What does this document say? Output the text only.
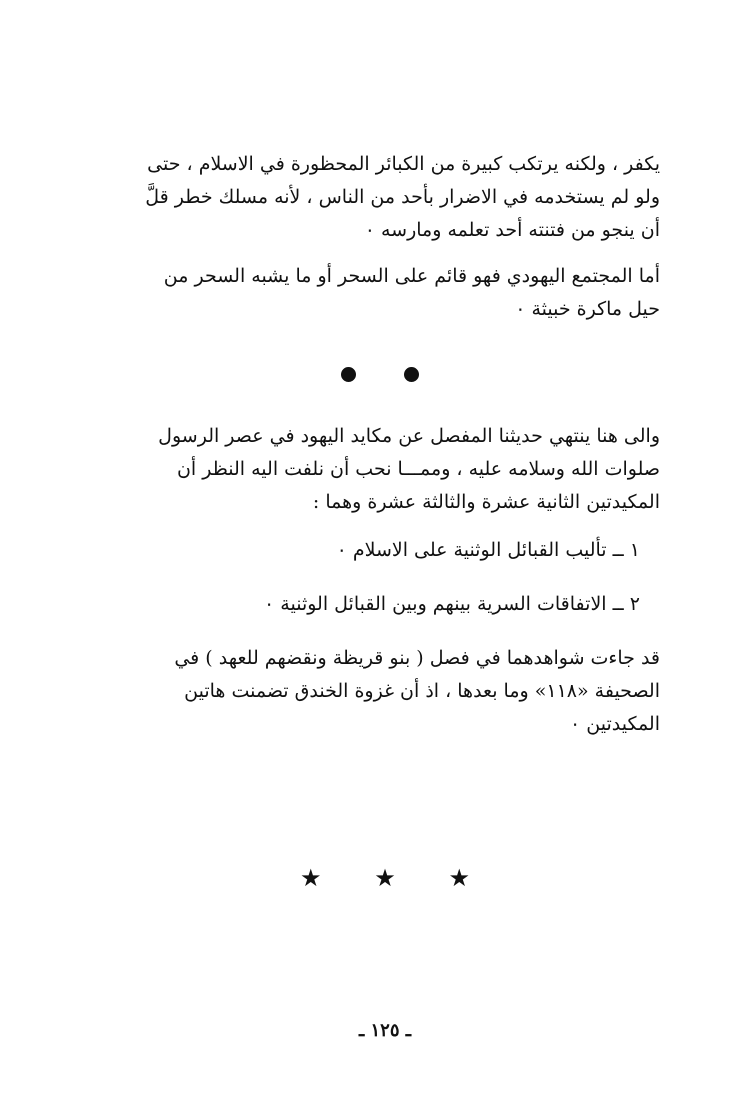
يكفر ، ولكنه يرتكب كبيرة من الكبائر المحظورة في الاسلام ، حتى
ولو لم يستخدمه في الاضرار بأحد من الناس ، لأنه مسلك خطر قلَّ
أن ينجو من فتنته أحد تعلمه ومارسه ٠
أما المجتمع اليهودي فهو قائم على السحر أو ما يشبه السحر من
حيل ماكرة خبيثة ٠
والى هنا ينتهي حديثنا المفصل عن مكايد اليهود في عصر الرسول
صلوات الله وسلامه عليه ، وممـــا نحب أن نلفت اليه النظر أن
المكيدتين الثانية عشرة والثالثة عشرة وهما :

١ ــ تأليب القبائل الوثنية على الاسلام ٠

٢ ــ الاتفاقات السرية بينهم وبين القبائل الوثنية ٠

قد جاءت شواهدهما في فصل ( بنو قريظة ونقضهم للعهد ) في
الصحيفة «١١٨» وما بعدها ، اذ أن غزوة الخندق تضمنت هاتين
المكيدتين ٠
★ ★ ★
ـ ١٢٥ ـ
